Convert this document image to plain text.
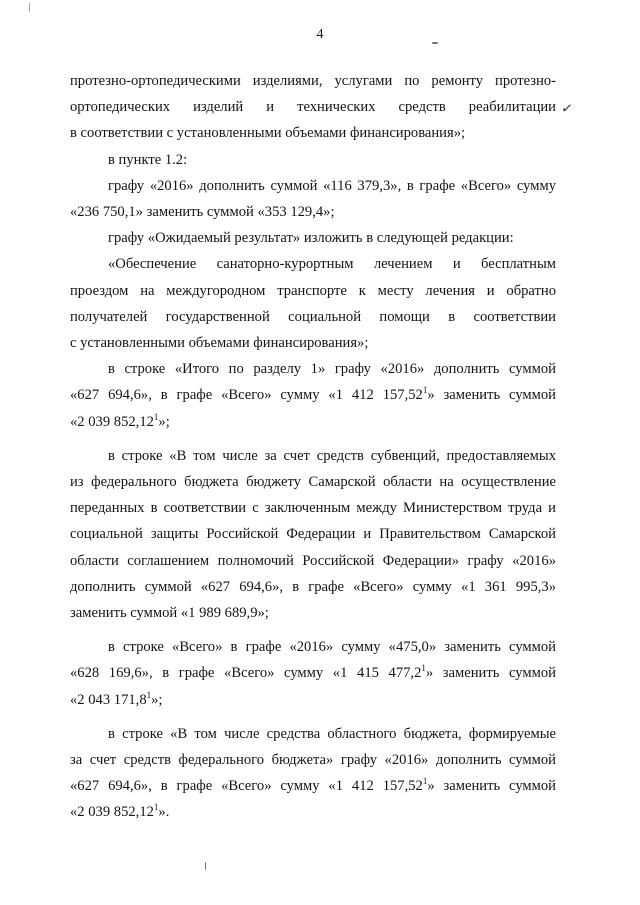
\
4
✓
протезно-ортопедическими изделиями, услугами по ремонту протезно-
ортопедических изделий и технических средств реабилитации
в соответствии с установленными объемами финансирования»;
в пункте 1.2:
графу «2016» дополнить суммой «116 379,3», в графе «Всего» сумму
«236 750,1» заменить суммой «353 129,4»;
графу «Ожидаемый результат» изложить в следующей редакции:
«Обеспечение санаторно-курортным лечением и бесплатным
проездом на междугородном транспорте к месту лечения и обратно
получателей государственной социальной помощи в соответствии
с установленными объемами финансирования»;
в строке «Итого по разделу 1» графу «2016» дополнить суммой
«627 694,6», в графе «Всего» сумму «1 412 157,52$^1$» заменить суммой
«2 039 852,12$^1$»;
в строке «В том числе за счет средств субвенций, предоставляемых
из федерального бюджета бюджету Самарской области на осуществление
переданных в соответствии с заключенным между Министерством труда и
социальной защиты Российской Федерации и Правительством Самарской
области соглашением полномочий Российской Федерации» графу «2016»
дополнить суммой «627 694,6», в графе «Всего» сумму «1 361 995,3»
заменить суммой «1 989 689,9»;
в строке «Всего» в графе «2016» сумму «475,0» заменить суммой
«628 169,6», в графе «Всего» сумму «1 415 477,2$^1$» заменить суммой
«2 043 171,8$^1$»;
в строке «В том числе средства областного бюджета, формируемые
за счет средств федерального бюджета» графу «2016» дополнить суммой
«627 694,6», в графе «Всего» сумму «1 412 157,52$^1$» заменить суммой
«2 039 852,12$^1$».
